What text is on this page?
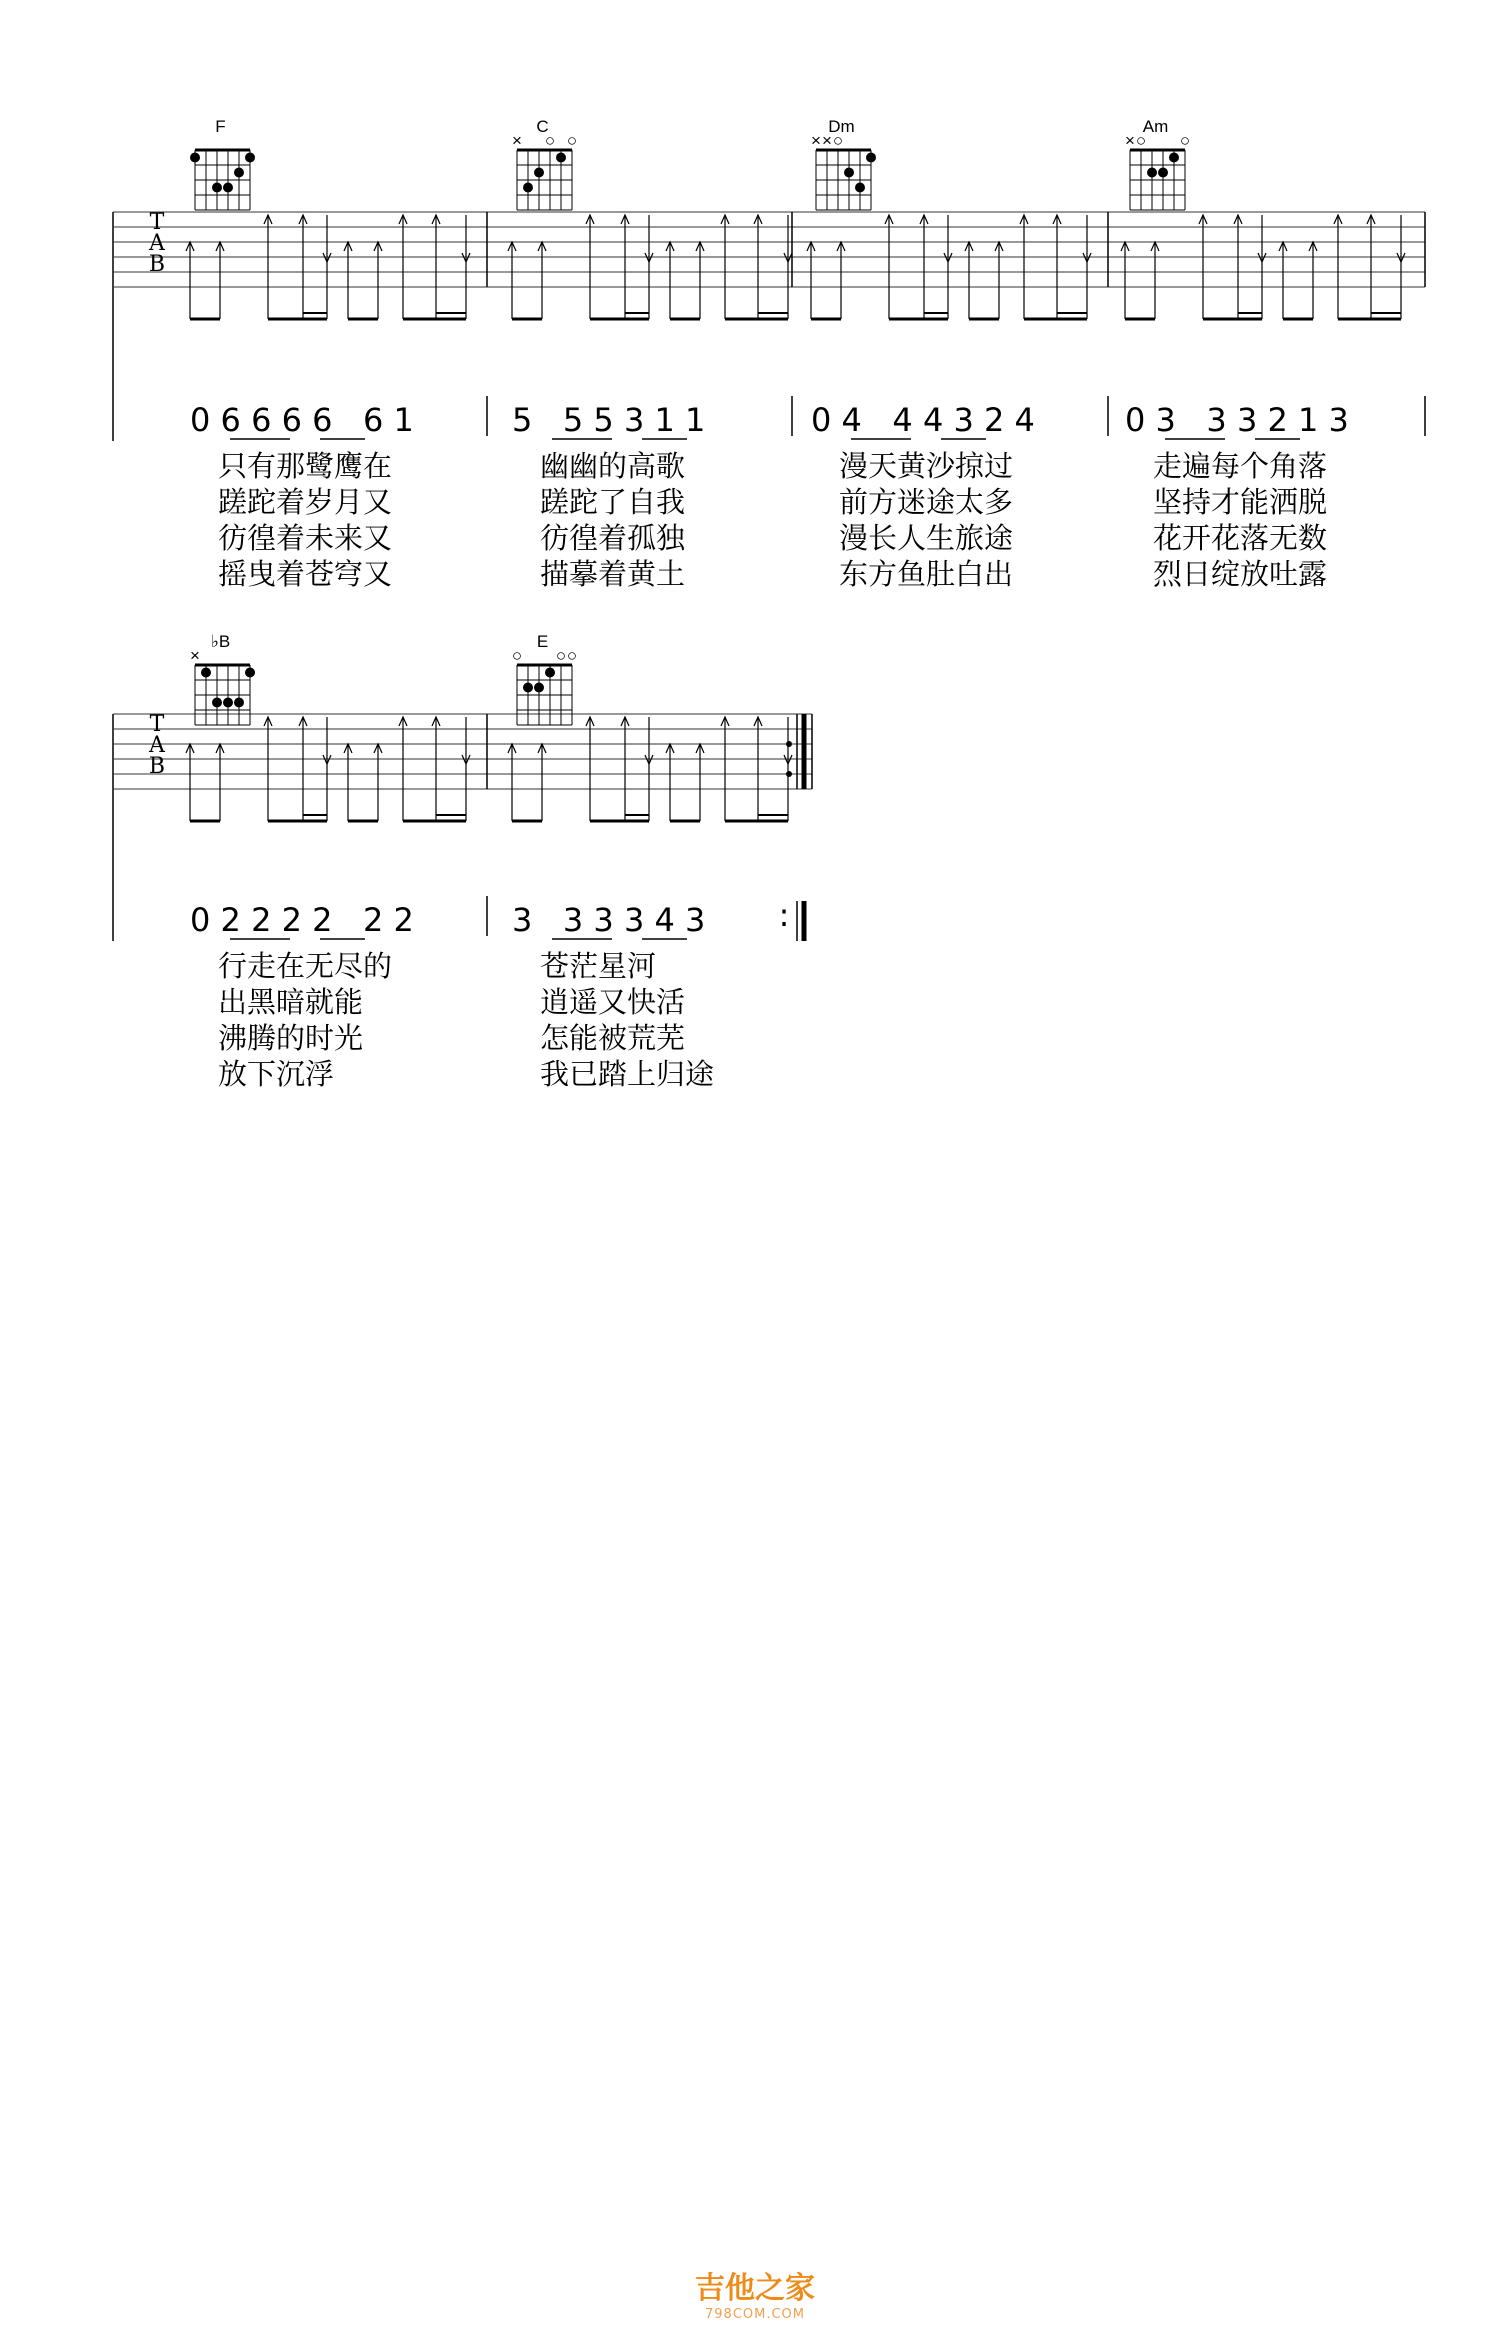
T
A
B
F
0 6 6 6 6   6 1
C
× ○ ○
5   5 5 3 1 1
Dm
× × ○
0 4   4 4 3 2 4
Am
× ○ ○
0 3   3 3 2 1 3
只有那鹭鹰在	幽幽的高歌	漫天黄沙掠过	走遍每个角落
蹉跎着岁月又	蹉跎了自我	前方迷途太多	坚持才能洒脱
彷徨着未来又	彷徨着孤独	漫长人生旅途	花开花落无数
摇曳着苍穹又	描摹着黄土	东方鱼肚白出	烈日绽放吐露
T
A
B
:
♭B
×
0 2 2 2 2   2 2
E
○ ○ ○
3   3 3 3 4 3
行走在无尽的	苍茫星河
出黑暗就能	逍遥又快活
沸腾的时光	怎能被荒芜
放下沉浮	我已踏上归途
吉他之家
798COM.COM
